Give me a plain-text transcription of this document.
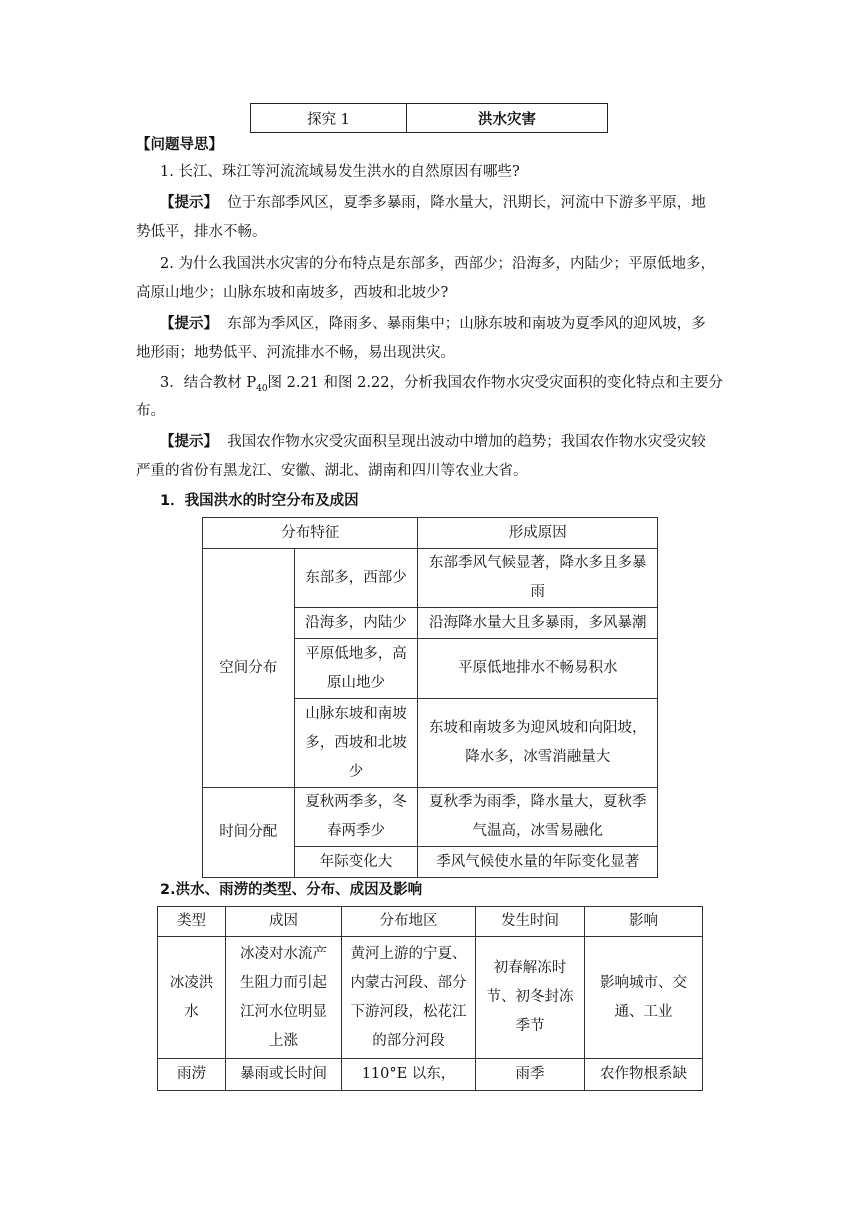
探究 1	洪水灾害
【问题导思】
1. 长江、珠江等河流流域易发生洪水的自然原因有哪些?
【提示】 位于东部季风区，夏季多暴雨，降水量大，汛期长，河流中下游多平原，地
势低平，排水不畅。
2. 为什么我国洪水灾害的分布特点是东部多，西部少；沿海多，内陆少；平原低地多，
高原山地少；山脉东坡和南坡多，西坡和北坡少?
【提示】 东部为季风区，降雨多、暴雨集中；山脉东坡和南坡为夏季风的迎风坡，多
地形雨；地势低平、河流排水不畅，易出现洪灾。
3．结合教材 $P_{40}$图 2.21 和图 2.22，分析我国农作物水灾受灾面积的变化特点和主要分
布。
【提示】 我国农作物水灾受灾面积呈现出波动中增加的趋势；我国农作物水灾受灾较
严重的省份有黑龙江、安徽、湖北、湖南和四川等农业大省。
1．我国洪水的时空分布及成因
分布特征		形成原因
空间分布	东部多，西部少	东部季风气候显著，降水多且多暴
雨
	沿海多，内陆少	沿海降水量大且多暴雨，多风暴潮
	平原低地多，高
原山地少	平原低地排水不畅易积水
	山脉东坡和南坡
多，西坡和北坡
少	东坡和南坡多为迎风坡和向阳坡，
降水多，冰雪消融量大
时间分配	夏秋两季多，冬
春两季少	夏秋季为雨季，降水量大，夏秋季
气温高，冰雪易融化
	年际变化大	季风气候使水量的年际变化显著
2.洪水、雨涝的类型、分布、成因及影响
类型	成因	分布地区	发生时间	影响
冰凌洪
水	冰凌对水流产
生阻力而引起
江河水位明显
上涨	黄河上游的宁夏、
内蒙古河段、部分
下游河段，松花江
的部分河段	初春解冻时
节、初冬封冻
季节	影响城市、交
通、工业
雨涝	暴雨或长时间	110°E 以东，	雨季	农作物根系缺
